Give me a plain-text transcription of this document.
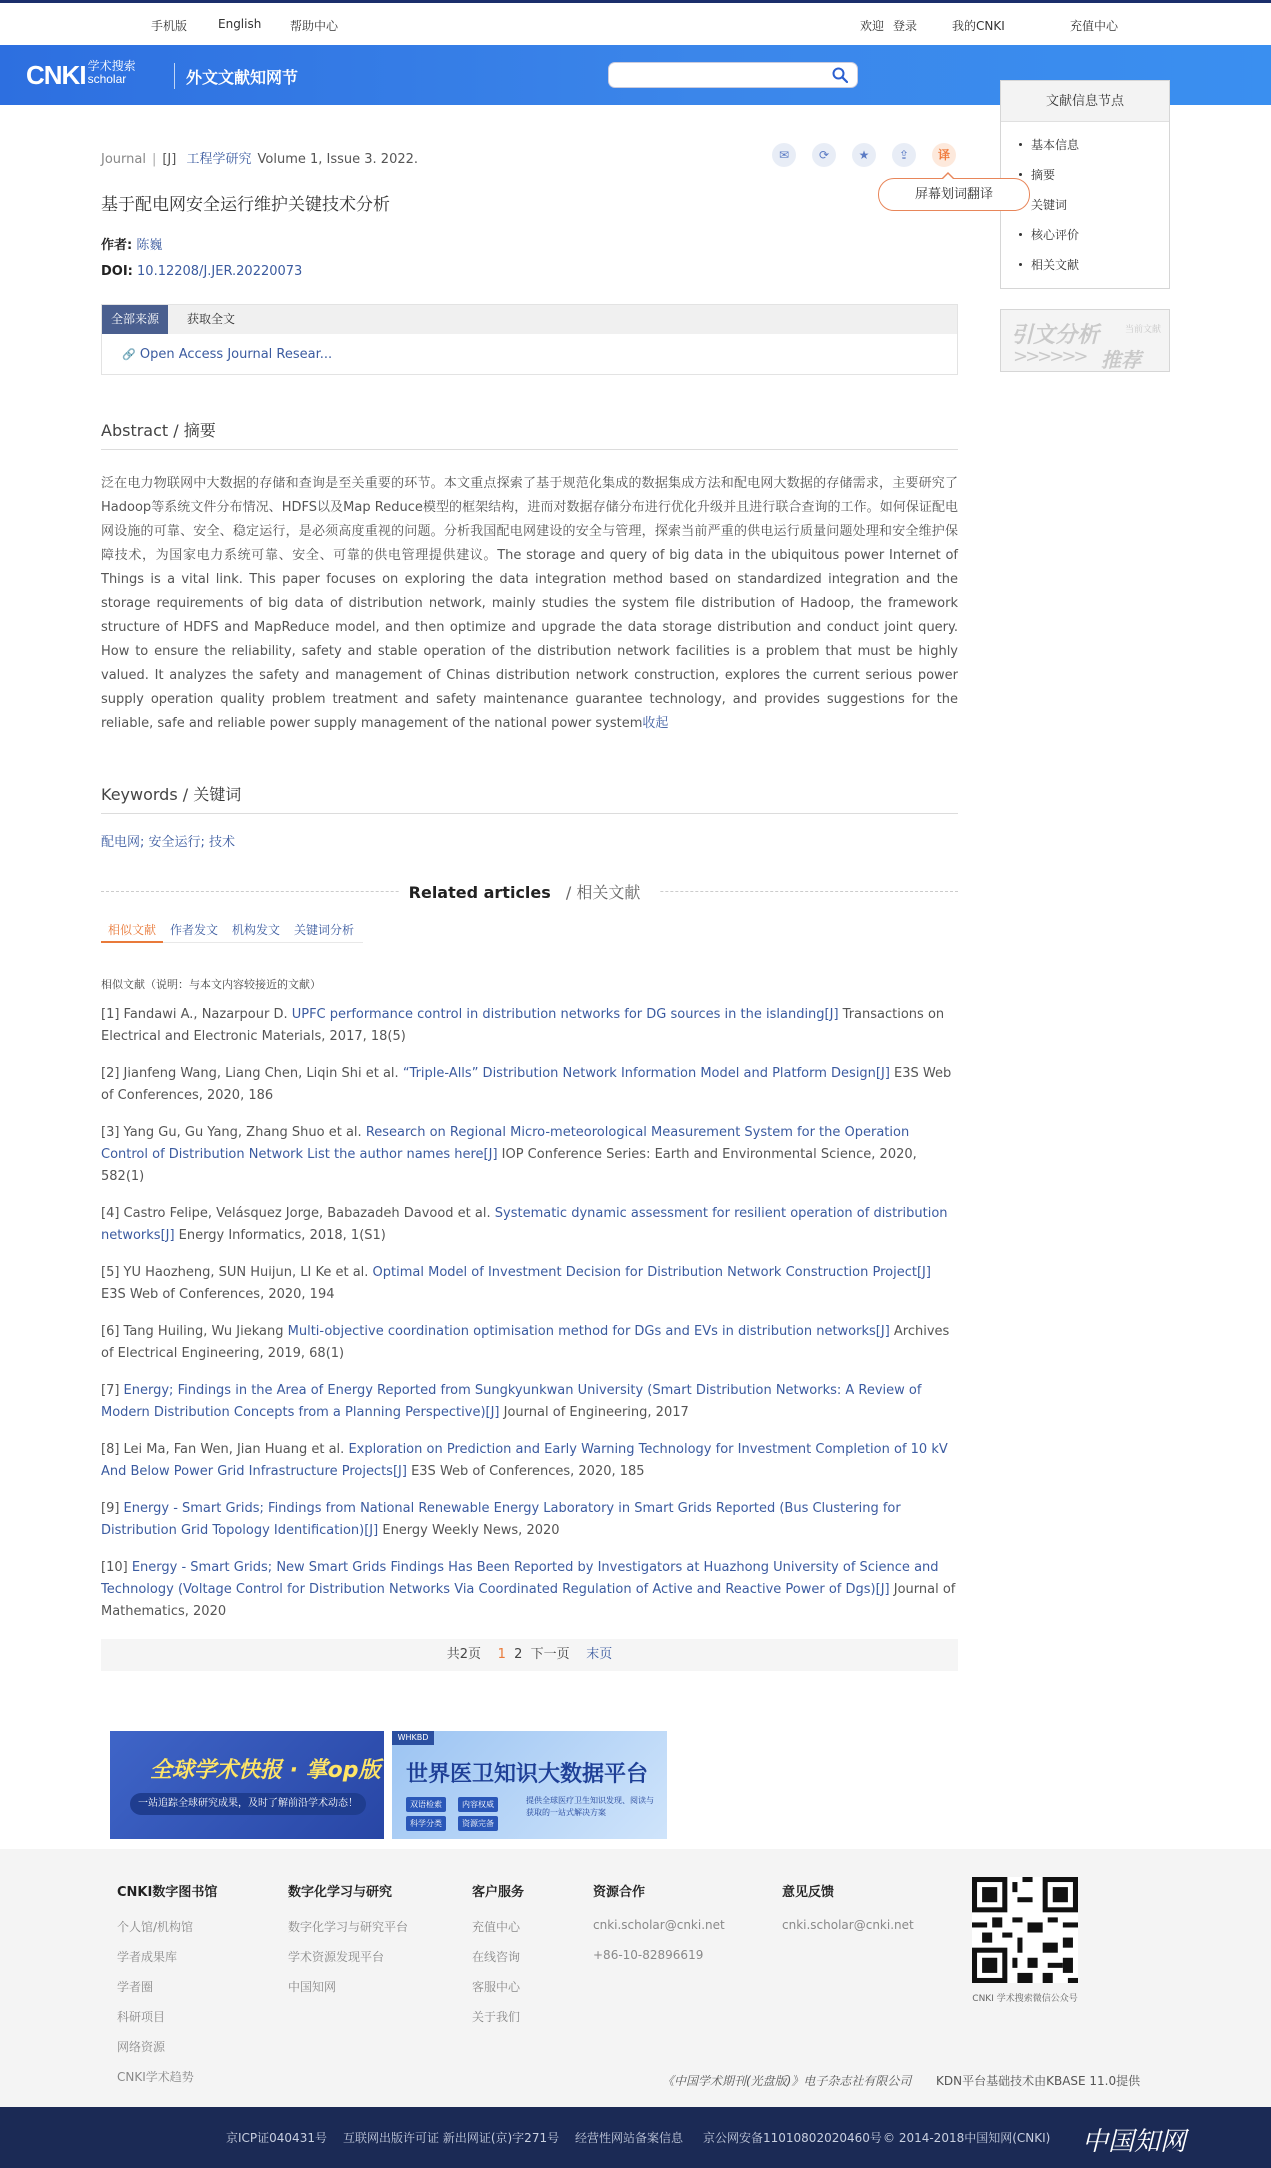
手机版	English 帮助中心	欢迎 登录	我的CNKI	充值中心
CNKI 学术搜索
scholar	外文文献知网节
文献信息节点
基本信息
摘要
关键词
核心评价
相关文献
引文分析	当前文献
>>>>>> 推荐
Journal | [J] 工程学研究 Volume 1, Issue 3. 2022.	✉	⟳	★	⇪	译
屏幕划词翻译
基于配电网安全运行维护关键技术分析
作者: 陈巍
DOI: 10.12208/J.JER.20220073
全部来源	获取全文
🔗 Open Access Journal Resear...
Abstract / 摘要
泛在电力物联网中大数据的存储和查询是至关重要的环节。本文重点探索了基于规范化集成的数据集成方法和配电网大数据的存储需求，主要研究了Hadoop等系统文件分布情况、HDFS以及Map Reduce模型的框架结构，进而对数据存储分布进行优化升级并且进行联合查询的工作。如何保证配电网设施的可靠、安全、稳定运行，是必须高度重视的问题。分析我国配电网建设的安全与管理，探索当前严重的供电运行质量问题处理和安全维护保障技术，为国家电力系统可靠、安全、可靠的供电管理提供建议。The storage and query of big data in the ubiquitous power Internet of Things is a vital link. This paper focuses on exploring the data integration method based on standardized integration and the storage requirements of big data of distribution network, mainly studies the system file distribution of Hadoop, the framework structure of HDFS and MapReduce model, and then optimize and upgrade the data storage distribution and conduct joint query. How to ensure the reliability, safety and stable operation of the distribution network facilities is a problem that must be highly valued. It analyzes the safety and management of Chinas distribution network construction, explores the current serious power supply operation quality problem treatment and safety maintenance guarantee technology, and provides suggestions for the reliable, safe and reliable power supply management of the national power system收起
Keywords / 关键词
配电网; 安全运行; 技术
Related articles / 相关文献
相似文献 作者发文 机构发文 关键词分析
相似文献（说明：与本文内容较接近的文献）
[1] Fandawi A., Nazarpour D. UPFC performance control in distribution networks for DG sources in the islanding[J] Transactions on Electrical and Electronic Materials, 2017, 18(5)
[2] Jianfeng Wang, Liang Chen, Liqin Shi et al. “Triple-Alls” Distribution Network Information Model and Platform Design[J] E3S Web of Conferences, 2020, 186
[3] Yang Gu, Gu Yang, Zhang Shuo et al. Research on Regional Micro-meteorological Measurement System for the Operation Control of Distribution Network List the author names here[J] IOP Conference Series: Earth and Environmental Science, 2020, 582(1)
[4] Castro Felipe, Velásquez Jorge, Babazadeh Davood et al. Systematic dynamic assessment for resilient operation of distribution networks[J] Energy Informatics, 2018, 1(S1)
[5] YU Haozheng, SUN Huijun, LI Ke et al. Optimal Model of Investment Decision for Distribution Network Construction Project[J] E3S Web of Conferences, 2020, 194
[6] Tang Huiling, Wu Jiekang Multi-objective coordination optimisation method for DGs and EVs in distribution networks[J] Archives of Electrical Engineering, 2019, 68(1)
[7] Energy; Findings in the Area of Energy Reported from Sungkyunkwan University (Smart Distribution Networks: A Review of Modern Distribution Concepts from a Planning Perspective)[J] Journal of Engineering, 2017
[8] Lei Ma, Fan Wen, Jian Huang et al. Exploration on Prediction and Early Warning Technology for Investment Completion of 10 kV And Below Power Grid Infrastructure Projects[J] E3S Web of Conferences, 2020, 185
[9] Energy - Smart Grids; Findings from National Renewable Energy Laboratory in Smart Grids Reported (Bus Clustering for Distribution Grid Topology Identification)[J] Energy Weekly News, 2020
[10] Energy - Smart Grids; New Smart Grids Findings Has Been Reported by Investigators at Huazhong University of Science and Technology (Voltage Control for Distribution Networks Via Coordinated Regulation of Active and Reactive Power of Dgs)[J] Journal of Mathematics, 2020
共2页 1 2 下一页 末页
全球学术快报 · 掌op版
一站追踪全球研究成果，及时了解前沿学术动态！
WHKBD
世界医卫知识大数据平台
双语检索	内容权威
科学分类	资源完备
提供全球医疗卫生知识发现、阅读与获取的一站式解决方案
CNKI数字图书馆
个人馆/机构馆
学者成果库
学者圈
科研项目
网络资源
CNKI学术趋势
数字化学习与研究
数字化学习与研究平台
学术资源发现平台
中国知网
客户服务
充值中心
在线咨询
客服中心
关于我们
资源合作
cnki.scholar@cnki.net
+86-10-82896619
意见反馈
cnki.scholar@cnki.net
CNKI 学术搜索微信公众号
《中国学术期刊(光盘版)》电子杂志社有限公司 KDN平台基础技术由KBASE 11.0提供
京ICP证040431号 互联网出版许可证 新出网证(京)字271号 经营性网站备案信息 京公网安备11010802020460号 © 2014-2018中国知网(CNKI) 中国知网
